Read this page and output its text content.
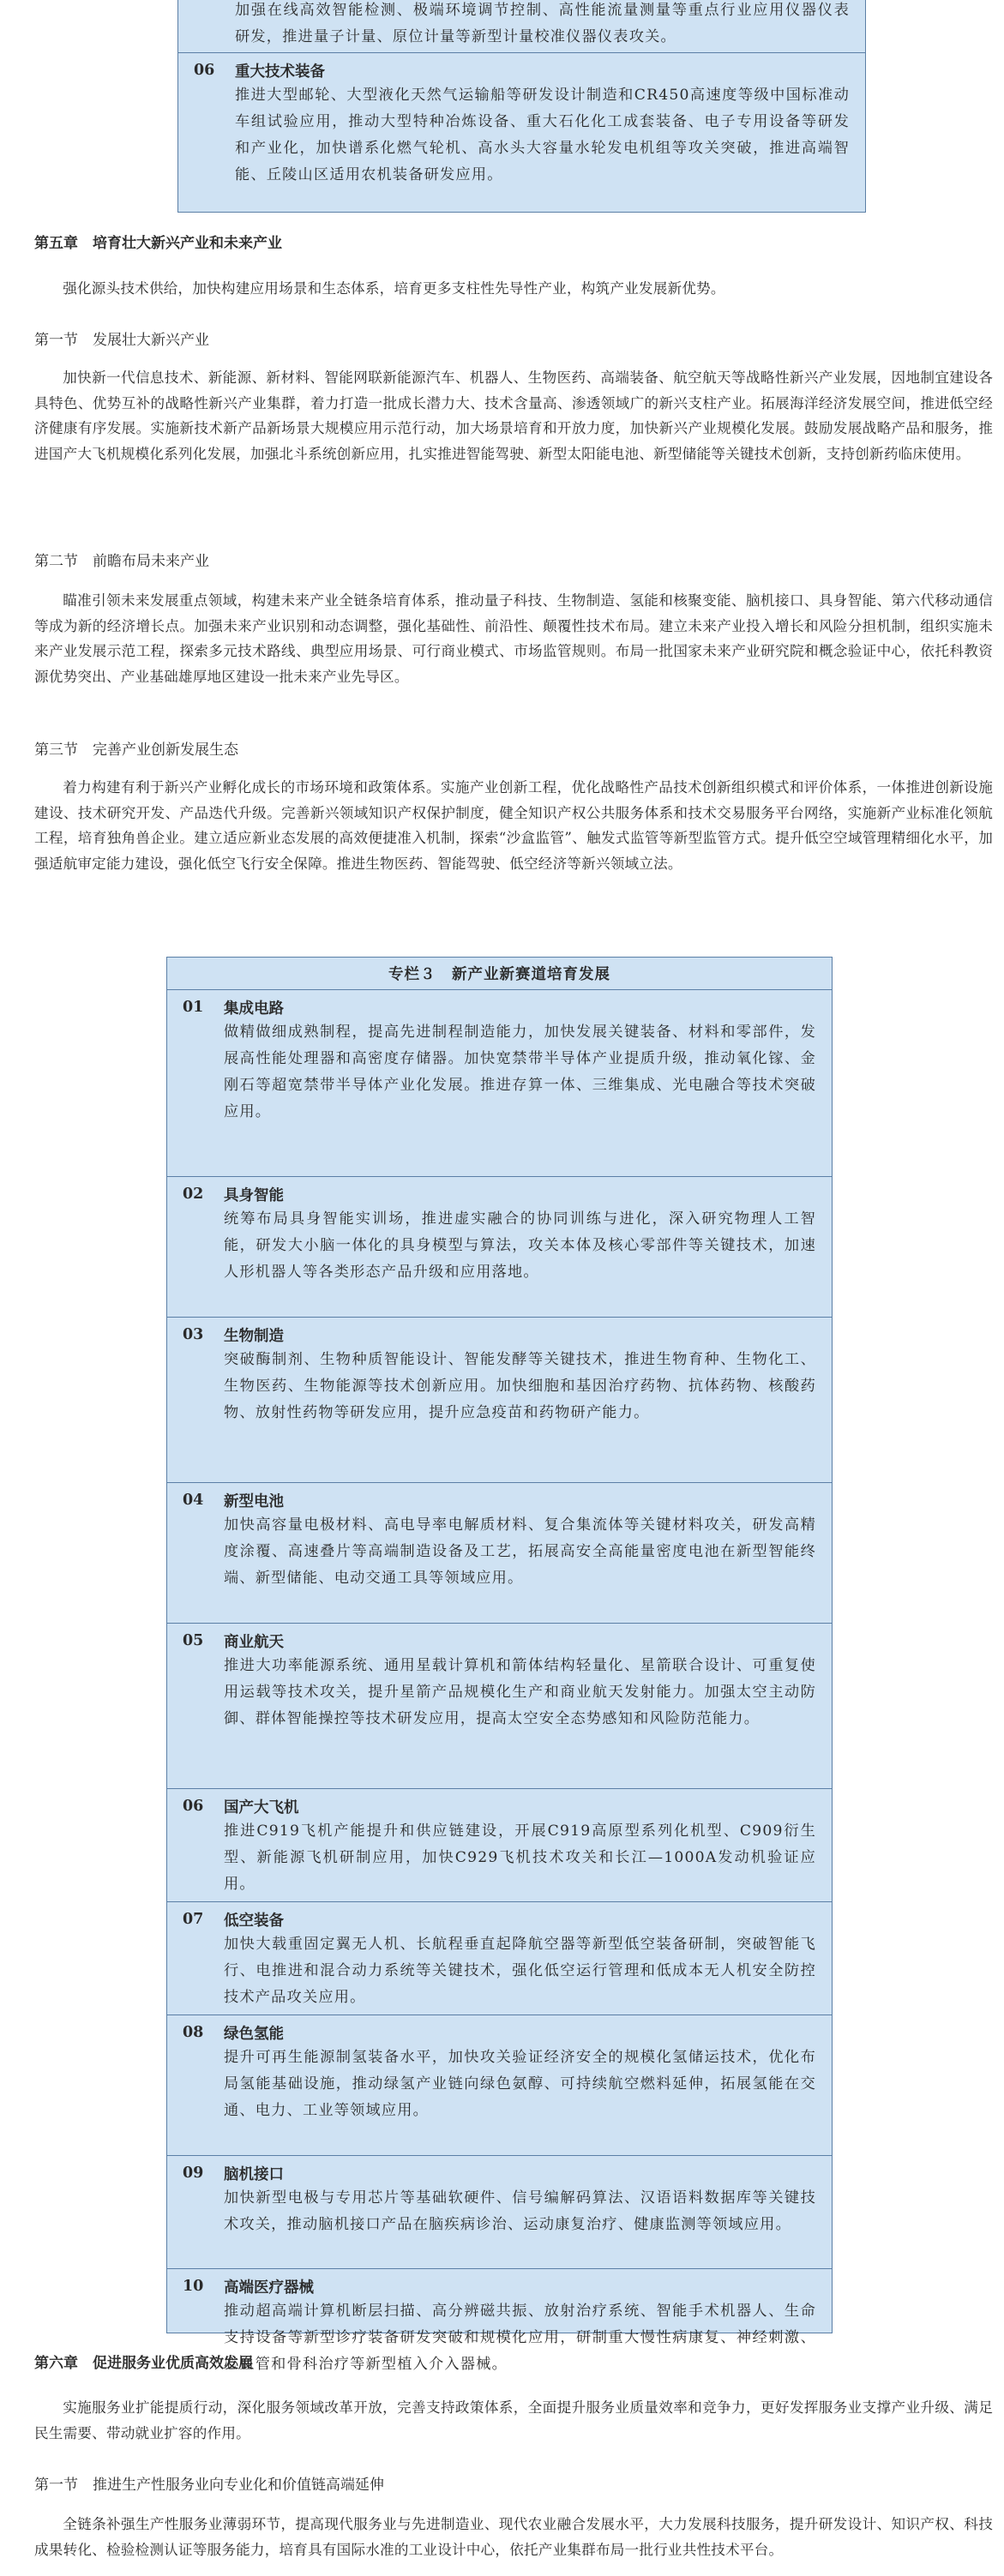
加强在线高效智能检测、极端环境调节控制、高性能流量测量等重点行业应用仪器仪表研发，推进量子计量、原位计量等新型计量校准仪器仪表攻关。
06	重大技术装备
推进大型邮轮、大型液化天然气运输船等研发设计制造和CR450高速度等级中国标准动车组试验应用，推动大型特种冶炼设备、重大石化化工成套装备、电子专用设备等研发和产业化，加快谱系化燃气轮机、高水头大容量水轮发电机组等攻关突破，推进高端智能、丘陵山区适用农机装备研发应用。

第五章　培育壮大新兴产业和未来产业

强化源头技术供给，加快构建应用场景和生态体系，培育更多支柱性先导性产业，构筑产业发展新优势。

第一节　发展壮大新兴产业

加快新一代信息技术、新能源、新材料、智能网联新能源汽车、机器人、生物医药、高端装备、航空航天等战略性新兴产业发展，因地制宜建设各具特色、优势互补的战略性新兴产业集群，着力打造一批成长潜力大、技术含量高、渗透领域广的新兴支柱产业。拓展海洋经济发展空间，推进低空经济健康有序发展。实施新技术新产品新场景大规模应用示范行动，加大场景培育和开放力度，加快新兴产业规模化发展。鼓励发展战略产品和服务，推进国产大飞机规模化系列化发展，加强北斗系统创新应用，扎实推进智能驾驶、新型太阳能电池、新型储能等关键技术创新，支持创新药临床使用。

第二节　前瞻布局未来产业

瞄准引领未来发展重点领域，构建未来产业全链条培育体系，推动量子科技、生物制造、氢能和核聚变能、脑机接口、具身智能、第六代移动通信等成为新的经济增长点。加强未来产业识别和动态调整，强化基础性、前沿性、颠覆性技术布局。建立未来产业投入增长和风险分担机制，组织实施未来产业发展示范工程，探索多元技术路线、典型应用场景、可行商业模式、市场监管规则。布局一批国家未来产业研究院和概念验证中心，依托科教资源优势突出、产业基础雄厚地区建设一批未来产业先导区。

第三节　完善产业创新发展生态

着力构建有利于新兴产业孵化成长的市场环境和政策体系。实施产业创新工程，优化战略性产品技术创新组织模式和评价体系，一体推进创新设施建设、技术研究开发、产品迭代升级。完善新兴领域知识产权保护制度，健全知识产权公共服务体系和技术交易服务平台网络，实施新产业标准化领航工程，培育独角兽企业。建立适应新业态发展的高效便捷准入机制，探索“沙盒监管”、触发式监管等新型监管方式。提升低空空域管理精细化水平，加强适航审定能力建设，强化低空飞行安全保障。推进生物医药、智能驾驶、低空经济等新兴领域立法。

专栏３　新产业新赛道培育发展
01	集成电路
做精做细成熟制程，提高先进制程制造能力，加快发展关键装备、材料和零部件，发展高性能处理器和高密度存储器。加快宽禁带半导体产业提质升级，推动氧化镓、金刚石等超宽禁带半导体产业化发展。推进存算一体、三维集成、光电融合等技术突破应用。
02	具身智能
统筹布局具身智能实训场，推进虚实融合的协同训练与进化，深入研究物理人工智能，研发大小脑一体化的具身模型与算法，攻关本体及核心零部件等关键技术，加速人形机器人等各类形态产品升级和应用落地。
03	生物制造
突破酶制剂、生物种质智能设计、智能发酵等关键技术，推进生物育种、生物化工、生物医药、生物能源等技术创新应用。加快细胞和基因治疗药物、抗体药物、核酸药物、放射性药物等研发应用，提升应急疫苗和药物研产能力。
04	新型电池
加快高容量电极材料、高电导率电解质材料、复合集流体等关键材料攻关，研发高精度涂覆、高速叠片等高端制造设备及工艺，拓展高安全高能量密度电池在新型智能终端、新型储能、电动交通工具等领域应用。
05	商业航天
推进大功率能源系统、通用星载计算机和箭体结构轻量化、星箭联合设计、可重复使用运载等技术攻关，提升星箭产品规模化生产和商业航天发射能力。加强太空主动防御、群体智能操控等技术研发应用，提高太空安全态势感知和风险防范能力。
06	国产大飞机
推进C919飞机产能提升和供应链建设，开展C919高原型系列化机型、C909衍生型、新能源飞机研制应用，加快C929飞机技术攻关和长江—1000A发动机验证应用。
07	低空装备
加快大载重固定翼无人机、长航程垂直起降航空器等新型低空装备研制，突破智能飞行、电推进和混合动力系统等关键技术，强化低空运行管理和低成本无人机安全防控技术产品攻关应用。
08	绿色氢能
提升可再生能源制氢装备水平，加快攻关验证经济安全的规模化氢储运技术，优化布局氢能基础设施，推动绿氢产业链向绿色氨醇、可持续航空燃料延伸，拓展氢能在交通、电力、工业等领域应用。
09	脑机接口
加快新型电极与专用芯片等基础软硬件、信号编解码算法、汉语语料数据库等关键技术攻关，推动脑机接口产品在脑疾病诊治、运动康复治疗、健康监测等领域应用。
10	高端医疗器械
推动超高端计算机断层扫描、高分辨磁共振、放射治疗系统、智能手术机器人、生命支持设备等新型诊疗装备研发突破和规模化应用，研制重大慢性病康复、神经刺激、心血管和骨科治疗等新型植入介入器械。

第六章　促进服务业优质高效发展

实施服务业扩能提质行动，深化服务领域改革开放，完善支持政策体系，全面提升服务业质量效率和竞争力，更好发挥服务业支撑产业升级、满足民生需要、带动就业扩容的作用。

第一节　推进生产性服务业向专业化和价值链高端延伸

全链条补强生产性服务业薄弱环节，提高现代服务业与先进制造业、现代农业融合发展水平，大力发展科技服务，提升研发设计、知识产权、科技成果转化、检验检测认证等服务能力，培育具有国际水准的工业设计中心，依托产业集群布局一批行业共性技术平台。
